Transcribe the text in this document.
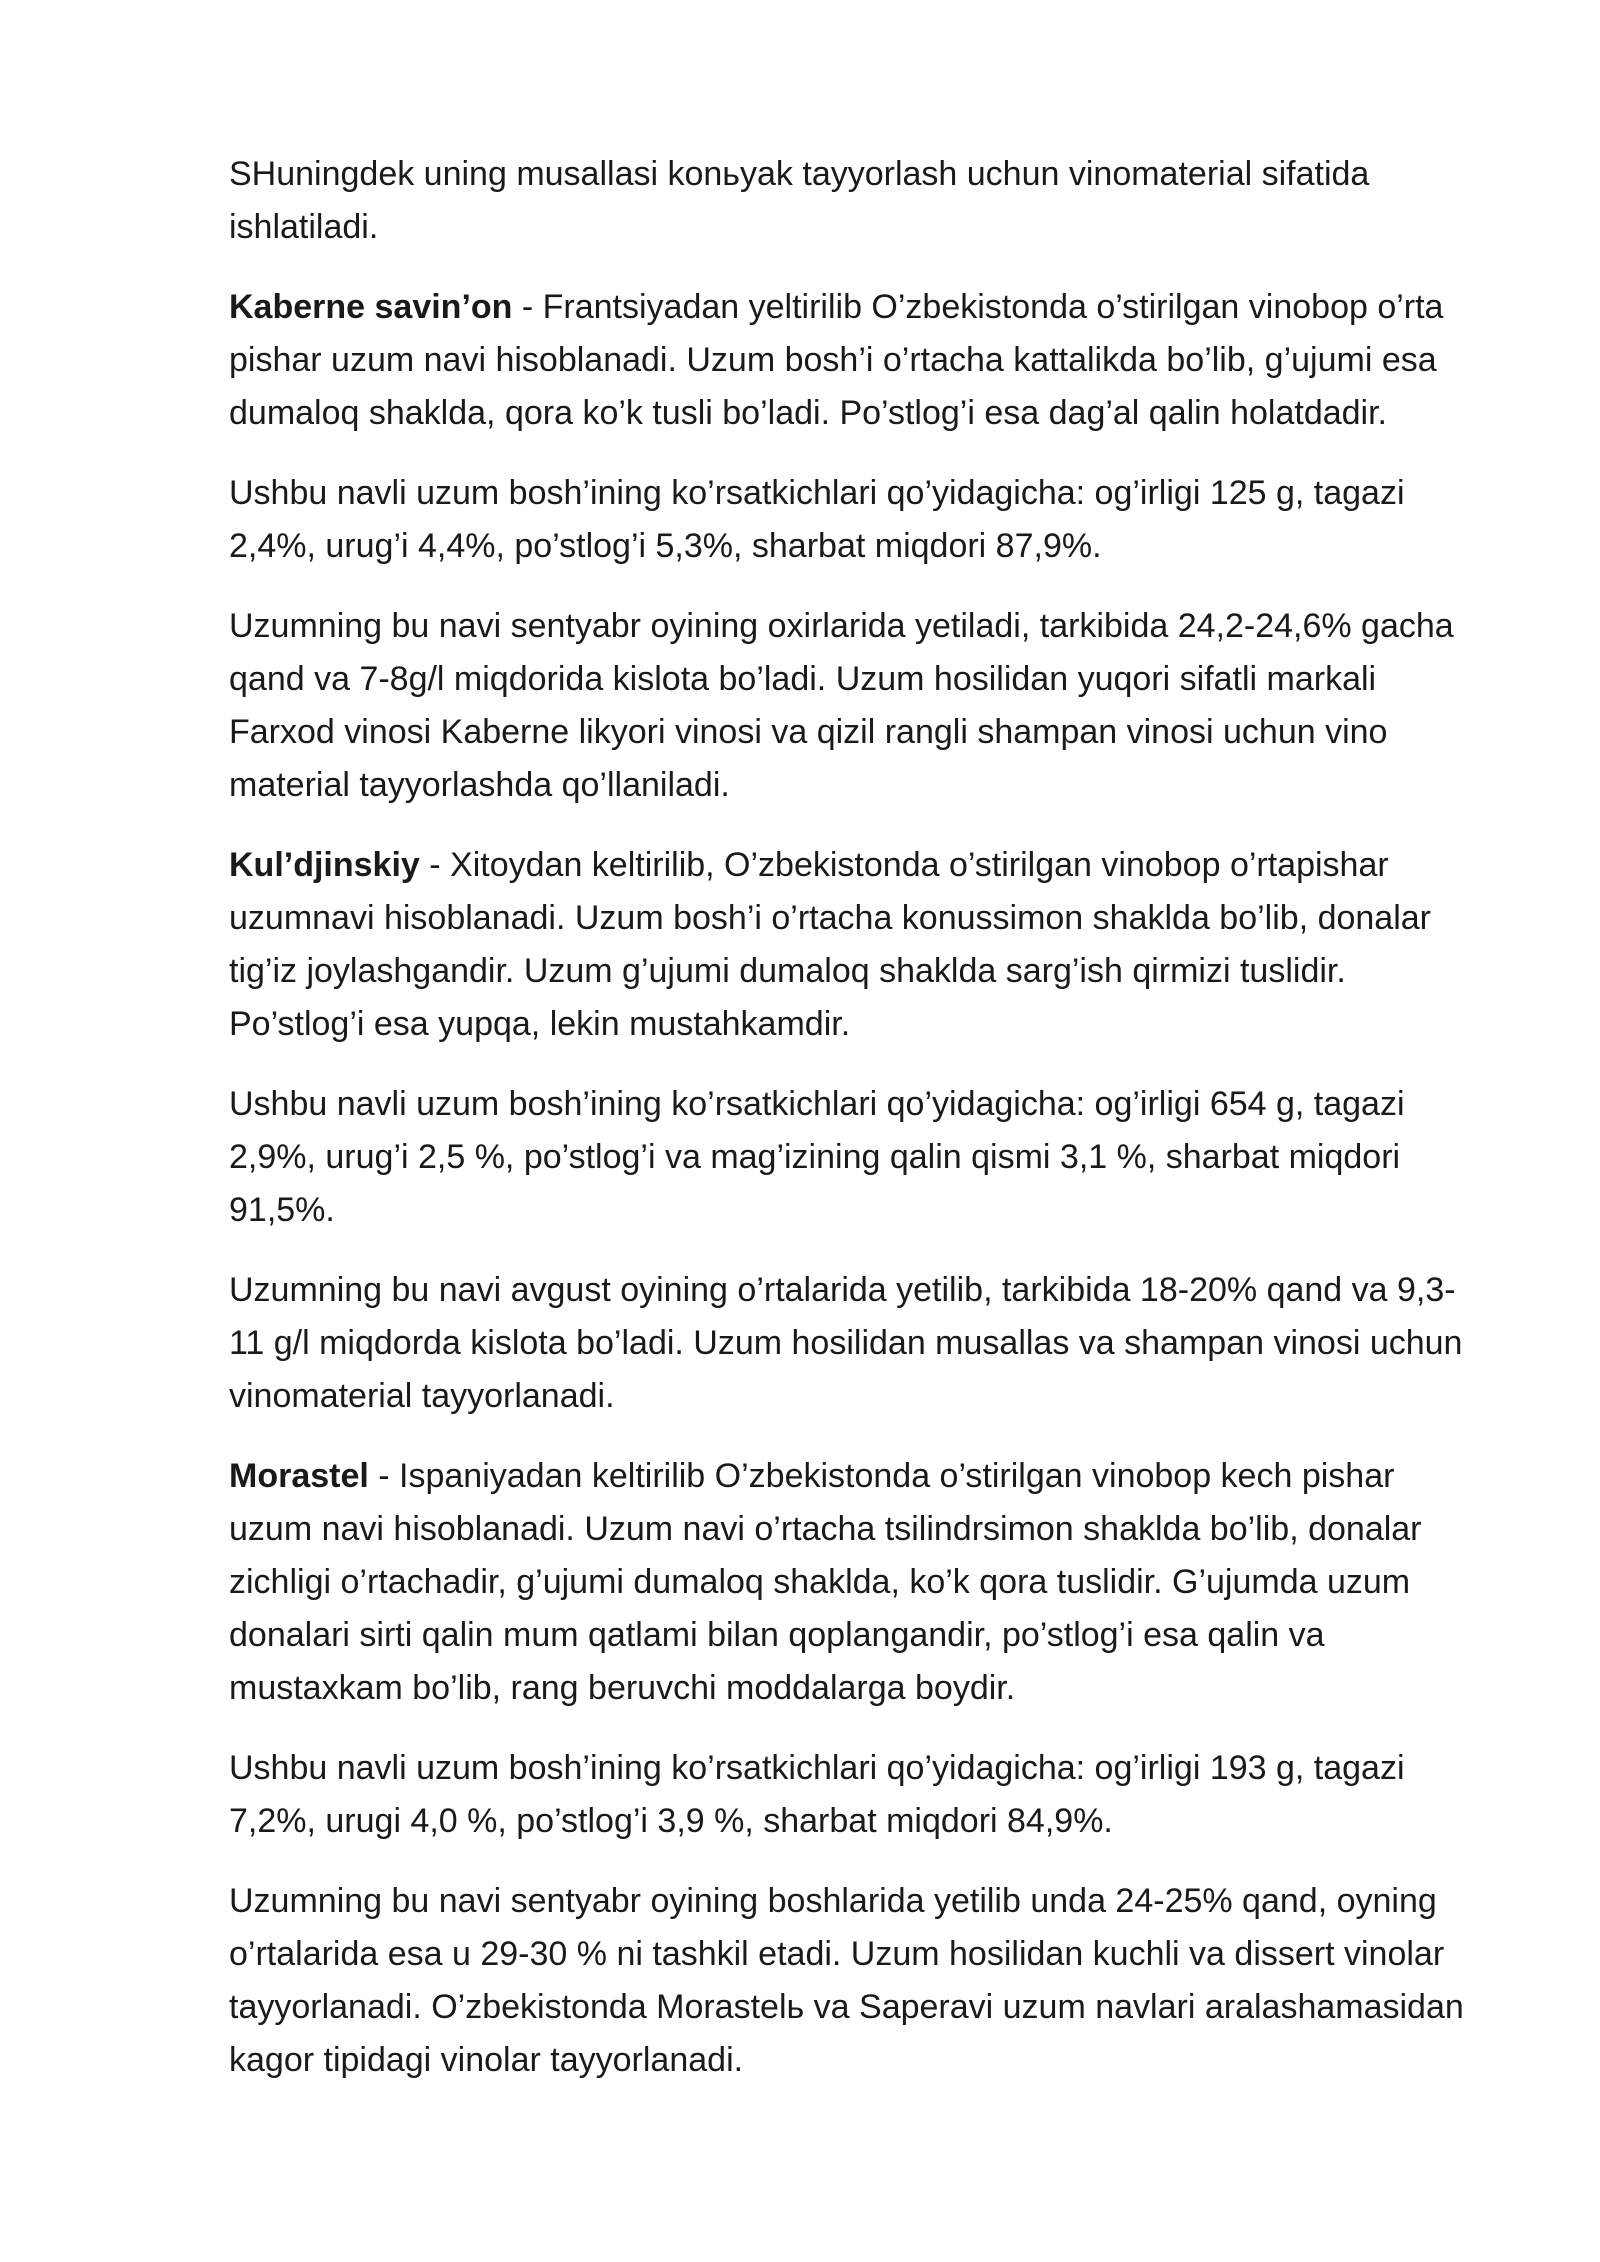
SHuningdek uning musallasi konьyak tayyorlash uchun vinomaterial sifatida
ishlatiladi.

Kaberne savin’on - Frantsiyadan yeltirilib O’zbekistonda o’stirilgan vinobop o’rta
pishar uzum navi hisoblanadi. Uzum bosh’i o’rtacha kattalikda bo’lib, g’ujumi esa
dumaloq shaklda, qora ko’k tusli bo’ladi. Po’stlog’i esa dag’al qalin holatdadir.

Ushbu navli uzum bosh’ining ko’rsatkichlari qo’yidagicha: og’irligi 125 g, tagazi
2,4%, urug’i 4,4%, po’stlog’i 5,3%, sharbat miqdori 87,9%.

Uzumning bu navi sentyabr oyining oxirlarida yetiladi, tarkibida 24,2-24,6% gacha
qand va 7-8g/l miqdorida kislota bo’ladi. Uzum hosilidan yuqori sifatli markali
Farxod vinosi Kaberne likyori vinosi va qizil rangli shampan vinosi uchun vino
material tayyorlashda qo’llaniladi.

Kul’djinskiy - Xitoydan keltirilib, O’zbekistonda o’stirilgan vinobop o’rtapishar
uzumnavi hisoblanadi. Uzum bosh’i o’rtacha konussimon shaklda bo’lib, donalar
tig’iz joylashgandir. Uzum g’ujumi dumaloq shaklda sarg’ish qirmizi tuslidir.
Po’stlog’i esa yupqa, lekin mustahkamdir.

Ushbu navli uzum bosh’ining ko’rsatkichlari qo’yidagicha: og’irligi 654 g, tagazi
2,9%, urug’i 2,5 %, po’stlog’i va mag’izining qalin qismi 3,1 %, sharbat miqdori
91,5%.

Uzumning bu navi avgust oyining o’rtalarida yetilib, tarkibida 18-20% qand va 9,3-
11 g/l miqdorda kislota bo’ladi. Uzum hosilidan musallas va shampan vinosi uchun
vinomaterial tayyorlanadi.

Morastel - Ispaniyadan keltirilib O’zbekistonda o’stirilgan vinobop kech pishar
uzum navi hisoblanadi. Uzum navi o’rtacha tsilindrsimon shaklda bo’lib, donalar
zichligi o’rtachadir, g’ujumi dumaloq shaklda, ko’k qora tuslidir. G’ujumda uzum
donalari sirti qalin mum qatlami bilan qoplangandir, po’stlog’i esa qalin va
mustaxkam bo’lib, rang beruvchi moddalarga boydir.

Ushbu navli uzum bosh’ining ko’rsatkichlari qo’yidagicha: og’irligi 193 g, tagazi
7,2%, urugi 4,0 %, po’stlog’i 3,9 %, sharbat miqdori 84,9%.

Uzumning bu navi sentyabr oyining boshlarida yetilib unda 24-25% qand, oyning
o’rtalarida esa u 29-30 % ni tashkil etadi. Uzum hosilidan kuchli va dissert vinolar
tayyorlanadi. O’zbekistonda Morastelь va Saperavi uzum navlari aralashamasidan
kagor tipidagi vinolar tayyorlanadi.
